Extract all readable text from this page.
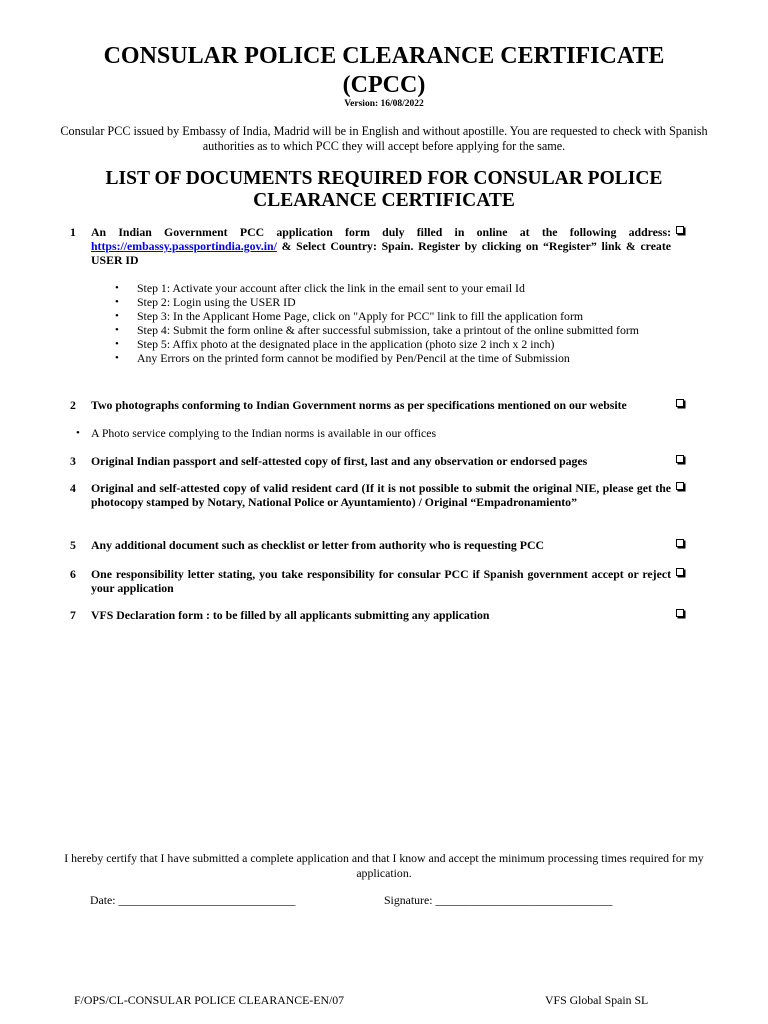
CONSULAR POLICE CLEARANCE CERTIFICATE (CPCC)
Version: 16/08/2022
Consular PCC issued by Embassy of India, Madrid will be in English and without apostille. You are requested to check with Spanish authorities as to which PCC they will accept before applying for the same.
LIST OF DOCUMENTS REQUIRED FOR CONSULAR POLICE CLEARANCE CERTIFICATE
1	An Indian Government PCC application form duly filled in online at the following address: https://embassy.passportindia.gov.in/ & Select Country: Spain. Register by clicking on “Register” link & create USER ID
• Step 1: Activate your account after click the link in the email sent to your email Id
• Step 2: Login using the USER ID
• Step 3: In the Applicant Home Page, click on "Apply for PCC" link to fill the application form
• Step 4: Submit the form online & after successful submission, take a printout of the online submitted form
• Step 5: Affix photo at the designated place in the application (photo size 2 inch x 2 inch)
• Any Errors on the printed form cannot be modified by Pen/Pencil at the time of Submission
2	Two photographs conforming to Indian Government norms as per specifications mentioned on our website
• A Photo service complying to the Indian norms is available in our offices
3	Original Indian passport and self-attested copy of first, last and any observation or endorsed pages
4	Original and self-attested copy of valid resident card (If it is not possible to submit the original NIE, please get the photocopy stamped by Notary, National Police or Ayuntamiento) / Original “Empadronamiento”
5	Any additional document such as checklist or letter from authority who is requesting PCC
6	One responsibility letter stating, you take responsibility for consular PCC if Spanish government accept or reject your application
7	VFS Declaration form : to be filled by all applicants submitting any application
I hereby certify that I have submitted a complete application and that I know and accept the minimum processing times required for my application.
Date: ______________________________	Signature: ______________________________
F/OPS/CL-CONSULAR POLICE CLEARANCE-EN/07	VFS Global Spain SL
